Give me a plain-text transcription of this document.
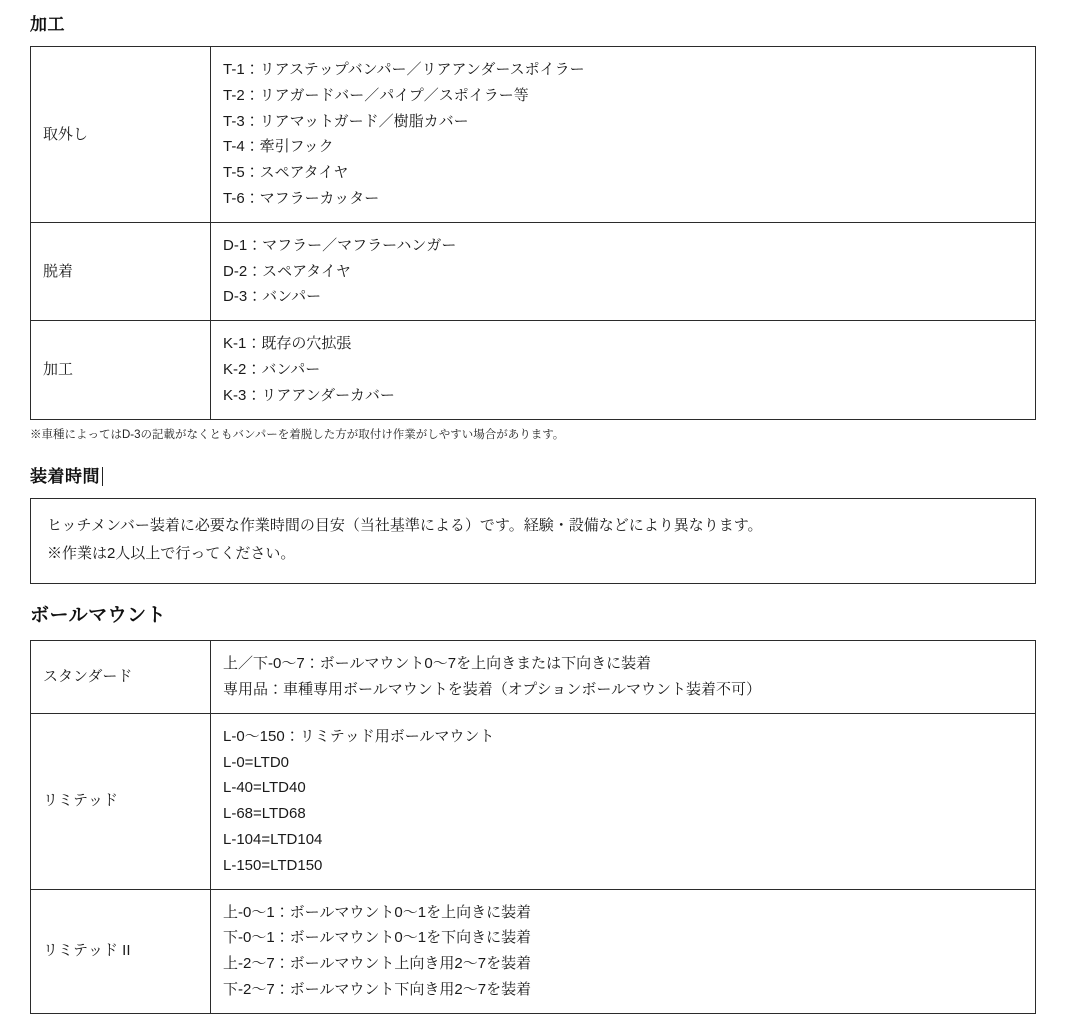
加工
取外し	
T-1：リアステップバンパー／リアアンダースポイラー
T-2：リアガードバー／パイプ／スポイラー等
T-3：リアマットガード／樹脂カバー
T-4：牽引フック
T-5：スペアタイヤ
T-6：マフラーカッター

脱着	D-1：マフラー／マフラーハンガー
D-2：スペアタイヤ
D-3：バンパー

加工	K-1：既存の穴拡張
K-2：バンパー
K-3：リアアンダーカバー

※車種によってはD-3の記載がなくともバンパーを着脱した方が取付け作業がしやすい場合があります。

装着時間
ヒッチメンバー装着に必要な作業時間の目安（当社基準による）です。経験・設備などにより異なります。
※作業は2人以上で行ってください。
ボールマウント
スタンダード	上／下-0〜7：ボールマウント0〜7を上向きまたは下向きに装着
専用品：車種専用ボールマウントを装着（オプションボールマウント装着不可）

リミテッド	
L-0〜150：リミテッド用ボールマウント
L-0=LTD0
L-40=LTD40
L-68=LTD68
L-104=LTD104
L-150=LTD150

リミテッド II	上-0〜1：ボールマウント0〜1を上向きに装着
下-0〜1：ボールマウント0〜1を下向きに装着
上-2〜7：ボールマウント上向き用2〜7を装着
下-2〜7：ボールマウント下向き用2〜7を装着
